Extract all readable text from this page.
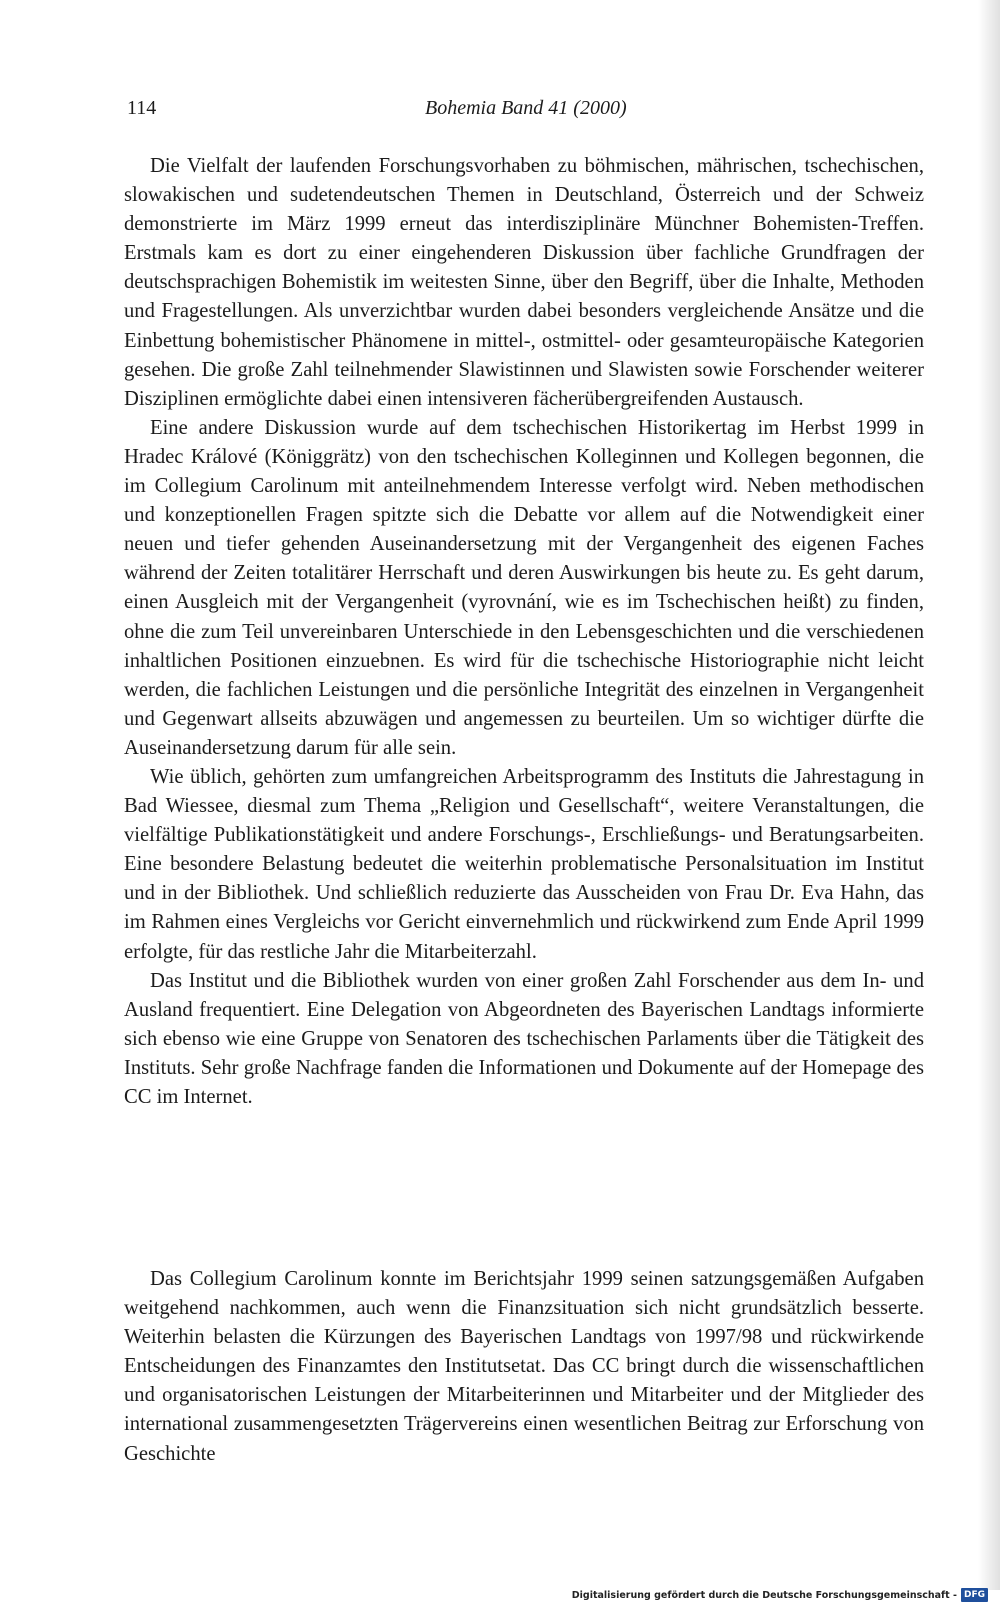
114	Bohemia Band 41 (2000)

Die Vielfalt der laufenden Forschungsvorhaben zu böhmischen, mährischen, tschechischen, slowakischen und sudetendeutschen Themen in Deutschland, Österreich und der Schweiz demonstrierte im März 1999 erneut das interdisziplinäre Münchner Bohemisten-Treffen. Erstmals kam es dort zu einer eingehenderen Diskussion über fachliche Grundfragen der deutschsprachigen Bohemistik im weitesten Sinne, über den Begriff, über die Inhalte, Methoden und Fragestellungen. Als unverzichtbar wurden dabei besonders vergleichende Ansätze und die Einbettung bohemistischer Phänomene in mittel-, ostmittel- oder gesamteuropäische Kategorien gesehen. Die große Zahl teilnehmender Slawistinnen und Slawisten sowie Forschender weiterer Disziplinen ermöglichte dabei einen intensiveren fächerübergreifenden Austausch.

Eine andere Diskussion wurde auf dem tschechischen Historikertag im Herbst 1999 in Hradec Králové (Königgrätz) von den tschechischen Kolleginnen und Kollegen begonnen, die im Collegium Carolinum mit anteilnehmendem Interesse verfolgt wird. Neben methodischen und konzeptionellen Fragen spitzte sich die Debatte vor allem auf die Notwendigkeit einer neuen und tiefer gehenden Auseinandersetzung mit der Vergangenheit des eigenen Faches während der Zeiten totalitärer Herrschaft und deren Auswirkungen bis heute zu. Es geht darum, einen Ausgleich mit der Vergangenheit (vyrovnání, wie es im Tschechischen heißt) zu finden, ohne die zum Teil unvereinbaren Unterschiede in den Lebensgeschichten und die verschiedenen inhaltlichen Positionen einzuebnen. Es wird für die tschechische Historiographie nicht leicht werden, die fachlichen Leistungen und die persönliche Integrität des einzelnen in Vergangenheit und Gegenwart allseits abzuwägen und angemessen zu beurteilen. Um so wichtiger dürfte die Auseinandersetzung darum für alle sein.

Wie üblich, gehörten zum umfangreichen Arbeitsprogramm des Instituts die Jahrestagung in Bad Wiessee, diesmal zum Thema „Religion und Gesellschaft“, weitere Veranstaltungen, die vielfältige Publikationstätigkeit und andere Forschungs-, Erschließungs- und Beratungsarbeiten. Eine besondere Belastung bedeutet die weiterhin problematische Personalsituation im Institut und in der Bibliothek. Und schließlich reduzierte das Ausscheiden von Frau Dr. Eva Hahn, das im Rahmen eines Vergleichs vor Gericht einvernehmlich und rückwirkend zum Ende April 1999 erfolgte, für das restliche Jahr die Mitarbeiterzahl.

Das Institut und die Bibliothek wurden von einer großen Zahl Forschender aus dem In- und Ausland frequentiert. Eine Delegation von Abgeordneten des Bayerischen Landtags informierte sich ebenso wie eine Gruppe von Senatoren des tschechischen Parlaments über die Tätigkeit des Instituts. Sehr große Nachfrage fanden die Informationen und Dokumente auf der Homepage des CC im Internet.

Das Collegium Carolinum konnte im Berichtsjahr 1999 seinen satzungsgemäßen Aufgaben weitgehend nachkommen, auch wenn die Finanzsituation sich nicht grundsätzlich besserte. Weiterhin belasten die Kürzungen des Bayerischen Landtags von 1997/98 und rückwirkende Entscheidungen des Finanzamtes den Institutsetat. Das CC bringt durch die wissenschaftlichen und organisatorischen Leistungen der Mitarbeiterinnen und Mitarbeiter und der Mitglieder des international zusammengesetzten Trägervereins einen wesentlichen Beitrag zur Erforschung von Geschichte

Digitalisierung gefördert durch die Deutsche Forschungsgemeinschaft - DFG
